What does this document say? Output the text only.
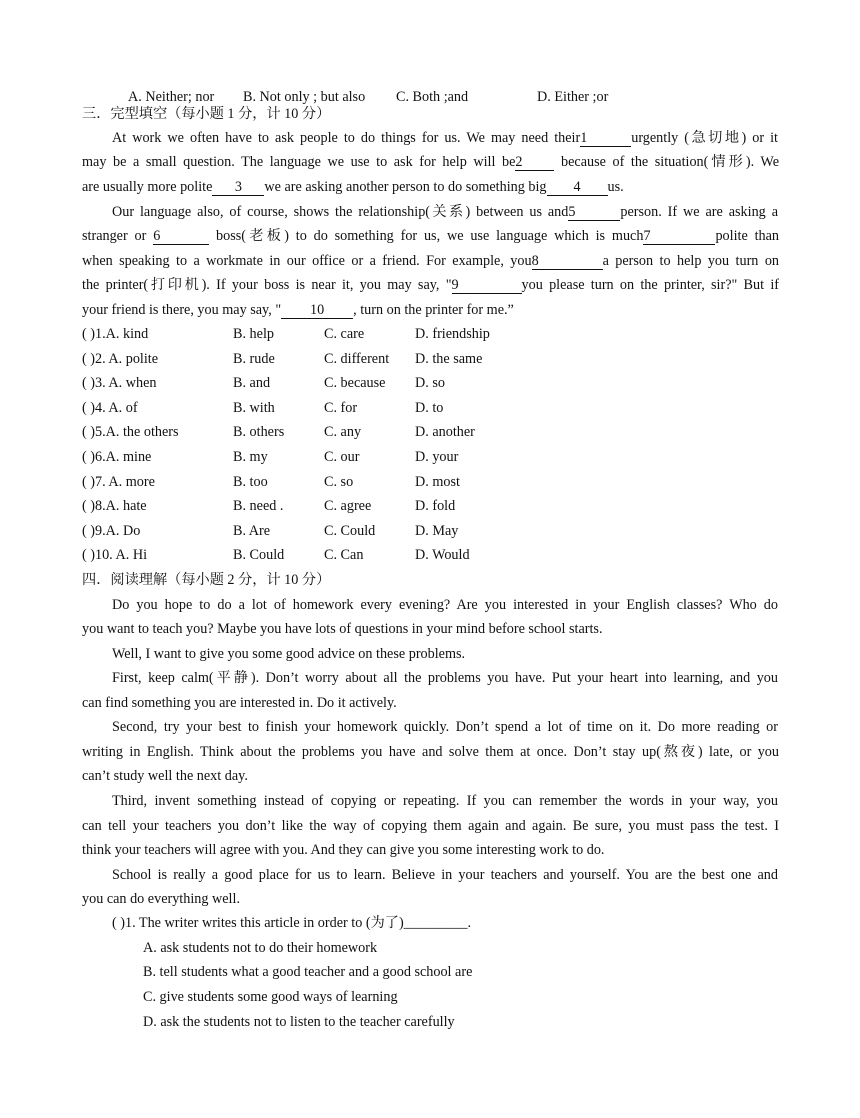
A. Neither; nor B. Not only ; but also C. Both ;and	D. Either ;or
三．完型填空（每小题 1 分，计 10 分）
At work we often have to ask people to do things for us. We may need their1	urgently (急切地) or it
may be a small question. The language we use to ask for help will be2	because of the situation(情形). We
are usually more polite 3 we are asking another person to do something big 4 us.
Our language also, of course, shows the relationship(关系) between us and5	person. If we are asking a
stranger or 6	boss(老板) to do something for us, we use language which is much7	polite than
when speaking to a workmate in our office or a friend. For example, you8	a person to help you turn on
the printer(打印机). If your boss is near it, you may say, "9	you please turn on the printer, sir?" But if
your friend is there, you may say, " 10 , turn on the printer for me.”
( )1.A. kind	B. help	C. care	D. friendship
( )2. A. polite	B. rude	C. different D. the same
( )3. A. when	B. and	C. because D. so
( )4. A. of	B. with	C. for	D. to
( )5.A. the others	B. others	C. any	D. another
( )6.A. mine	B. my	C. our	D. your
( )7. A. more	B. too	C. so	D. most
( )8.A. hate	B. need .	C. agree	D. fold
( )9.A. Do	B. Are	C. Could	D. May
( )10. A. Hi	B. Could	C. Can	D. Would
四．阅读理解（每小题 2 分，计 10 分）
Do you hope to do a lot of homework every evening? Are you interested in your English classes? Who do
you want to teach you? Maybe you have lots of questions in your mind before school starts.
Well, I want to give you some good advice on these problems.
First, keep calm(平静). Don’t worry about all the problems you have. Put your heart into learning, and you
can find something you are interested in. Do it actively.
Second, try your best to finish your homework quickly. Don’t spend a lot of time on it. Do more reading or
writing in English. Think about the problems you have and solve them at once. Don’t stay up(熬夜) late, or you
can’t study well the next day.
Third, invent something instead of copying or repeating. If you can remember the words in your way, you
can tell your teachers you don’t like the way of copying them again and again. Be sure, you must pass the test. I
think your teachers will agree with you. And they can give you some interesting work to do.
School is really a good place for us to learn. Believe in your teachers and yourself. You are the best one and
you can do everything well.
( )1. The writer writes this article in order to (为了)_________.
A. ask students not to do their homework
B. tell students what a good teacher and a good school are
C. give students some good ways of learning
D. ask the students not to listen to the teacher carefully
